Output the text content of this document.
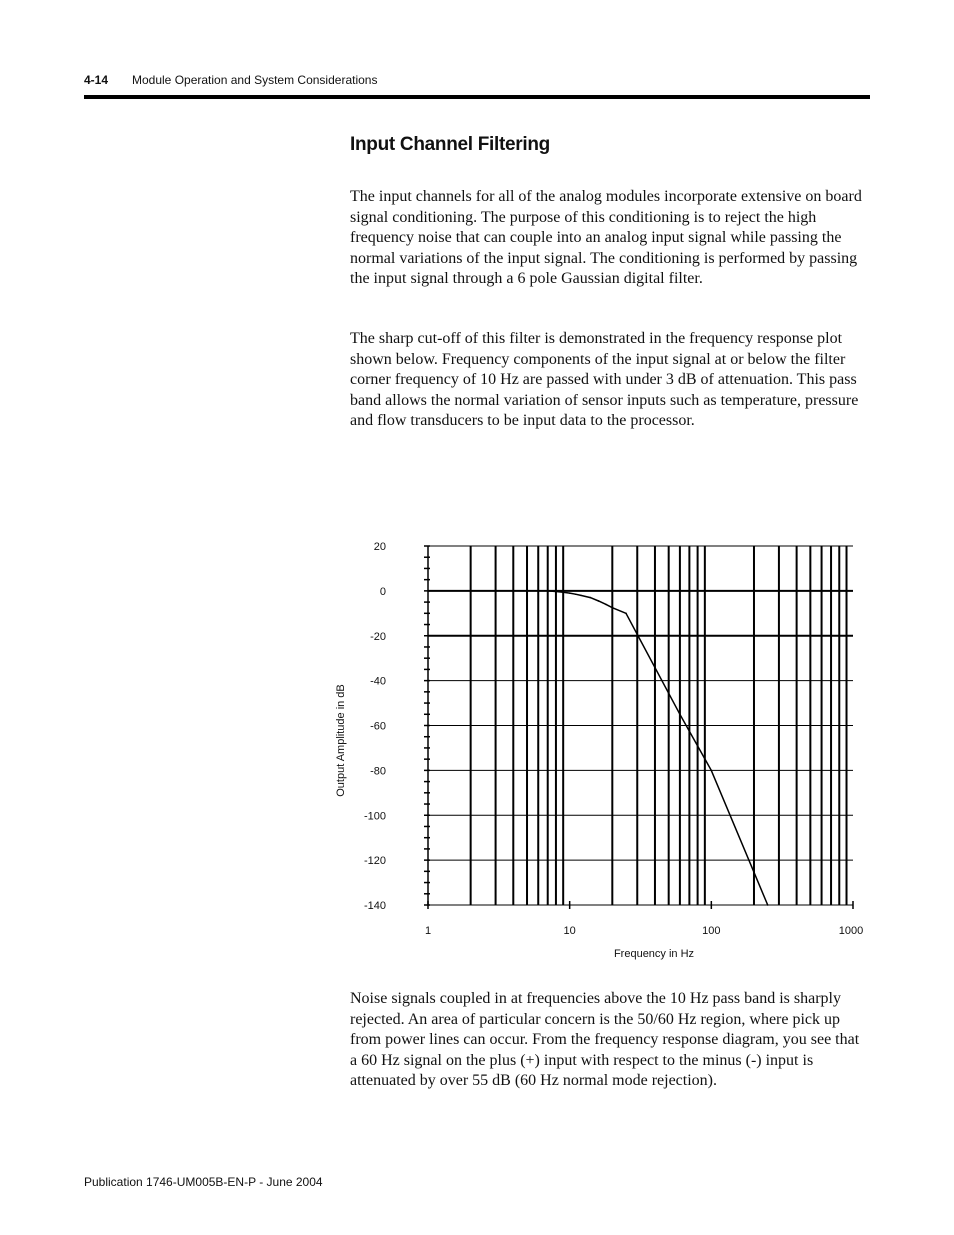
4-14 Module Operation and System Considerations
Input Channel Filtering

The input channels for all of the analog modules incorporate extensive on board signal conditioning. The purpose of this conditioning is to reject the high frequency noise that can couple into an analog input signal while passing the normal variations of the input signal. The conditioning is performed by passing the input signal through a 6 pole Gaussian digital filter.

The sharp cut-off of this filter is demonstrated in the frequency response plot shown below. Frequency components of the input signal at or below the filter corner frequency of 10 Hz are passed with under 3 dB of attenuation. This pass band allows the normal variation of sensor inputs such as temperature, pressure and flow transducers to be input data to the processor.

20
0
-20
-40
-60
-80
-100
-120
-140
1	10	100	1000
Frequency in Hz
Output Amplitude in dB

Noise signals coupled in at frequencies above the 10 Hz pass band is sharply rejected. An area of particular concern is the 50/60 Hz region, where pick up from power lines can occur. From the frequency response diagram, you see that a 60 Hz signal on the plus (+) input with respect to the minus (-) input is attenuated by over 55 dB (60 Hz normal mode rejection).

Publication 1746-UM005B-EN-P - June 2004
